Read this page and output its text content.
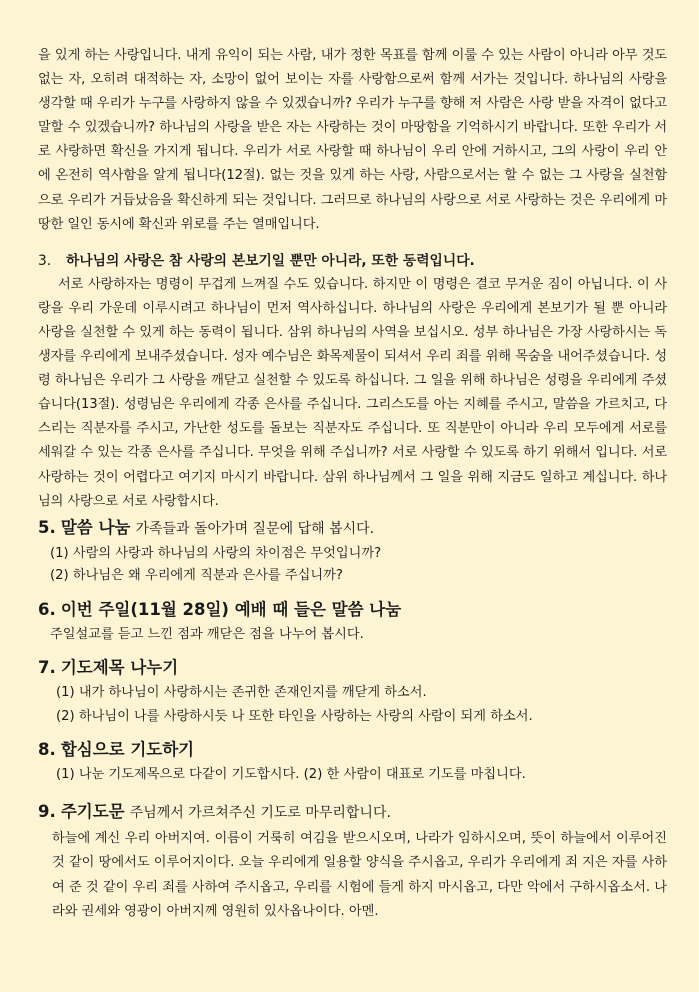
을 있게 하는 사랑입니다. 내게 유익이 되는 사람, 내가 정한 목표를 함께 이룰 수 있는 사람이 아니라 아무 것도 없는 자, 오히려 대적하는 자, 소망이 없어 보이는 자를 사랑함으로써 함께 서가는 것입니다. 하나님의 사랑을 생각할 때 우리가 누구를 사랑하지 않을 수 있겠습니까? 우리가 누구를 향해 저 사람은 사랑 받을 자격이 없다고 말할 수 있겠습니까? 하나님의 사랑을 받은 자는 사랑하는 것이 마땅함을 기억하시기 바랍니다. 또한 우리가 서로 사랑하면 확신을 가지게 됩니다. 우리가 서로 사랑할 때 하나님이 우리 안에 거하시고, 그의 사랑이 우리 안에 온전히 역사함을 알게 됩니다(12절). 없는 것을 있게 하는 사랑, 사람으로서는 할 수 없는 그 사랑을 실천함으로 우리가 거듭났음을 확신하게 되는 것입니다. 그러므로 하나님의 사랑으로 서로 사랑하는 것은 우리에게 마땅한 일인 동시에 확신과 위로를 주는 열매입니다.

3. 하나님의 사랑은 참 사랑의 본보기일 뿐만 아니라, 또한 동력입니다.

서로 사랑하자는 명령이 무겁게 느껴질 수도 있습니다. 하지만 이 명령은 결코 무거운 짐이 아닙니다. 이 사랑을 우리 가운데 이루시려고 하나님이 먼저 역사하십니다. 하나님의 사랑은 우리에게 본보기가 될 뿐 아니라 사랑을 실천할 수 있게 하는 동력이 됩니다. 삼위 하나님의 사역을 보십시오. 성부 하나님은 가장 사랑하시는 독생자를 우리에게 보내주셨습니다. 성자 예수님은 화목제물이 되셔서 우리 죄를 위해 목숨을 내어주셨습니다. 성령 하나님은 우리가 그 사랑을 깨닫고 실천할 수 있도록 하십니다. 그 일을 위해 하나님은 성령을 우리에게 주셨습니다(13절). 성령님은 우리에게 각종 은사를 주십니다. 그리스도를 아는 지혜를 주시고, 말씀을 가르치고, 다스리는 직분자를 주시고, 가난한 성도를 돌보는 직분자도 주십니다. 또 직분만이 아니라 우리 모두에게 서로를 세워갈 수 있는 각종 은사를 주십니다. 무엇을 위해 주십니까? 서로 사랑할 수 있도록 하기 위해서 입니다. 서로 사랑하는 것이 어렵다고 여기지 마시기 바랍니다. 삼위 하나님께서 그 일을 위해 지금도 일하고 계십니다. 하나님의 사랑으로 서로 사랑합시다.

5. 말씀 나눔 가족들과 돌아가며 질문에 답해 봅시다.
(1) 사람의 사랑과 하나님의 사랑의 차이점은 무엇입니까?
(2) 하나님은 왜 우리에게 직분과 은사를 주십니까?
6. 이번 주일(11월 28일) 예배 때 들은 말씀 나눔
주일설교를 듣고 느낀 점과 깨닫은 점을 나누어 봅시다.
7. 기도제목 나누기
(1) 내가 하나님이 사랑하시는 존귀한 존재인지를 깨닫게 하소서.
(2) 하나님이 나를 사랑하시듯 나 또한 타인을 사랑하는 사랑의 사람이 되게 하소서.
8. 합심으로 기도하기
(1) 나눈 기도제목으로 다같이 기도합시다. (2) 한 사람이 대표로 기도를 마칩니다.
9. 주기도문 주님께서 가르쳐주신 기도로 마무리합니다.

하늘에 계신 우리 아버지여. 이름이 거룩히 여김을 받으시오며, 나라가 임하시오며, 뜻이 하늘에서 이루어진 것 같이 땅에서도 이루어지이다. 오늘 우리에게 일용할 양식을 주시옵고, 우리가 우리에게 죄 지은 자를 사하여 준 것 같이 우리 죄를 사하여 주시옵고, 우리를 시험에 들게 하지 마시옵고, 다만 악에서 구하시옵소서. 나라와 권세와 영광이 아버지께 영원히 있사옵나이다. 아멘.
